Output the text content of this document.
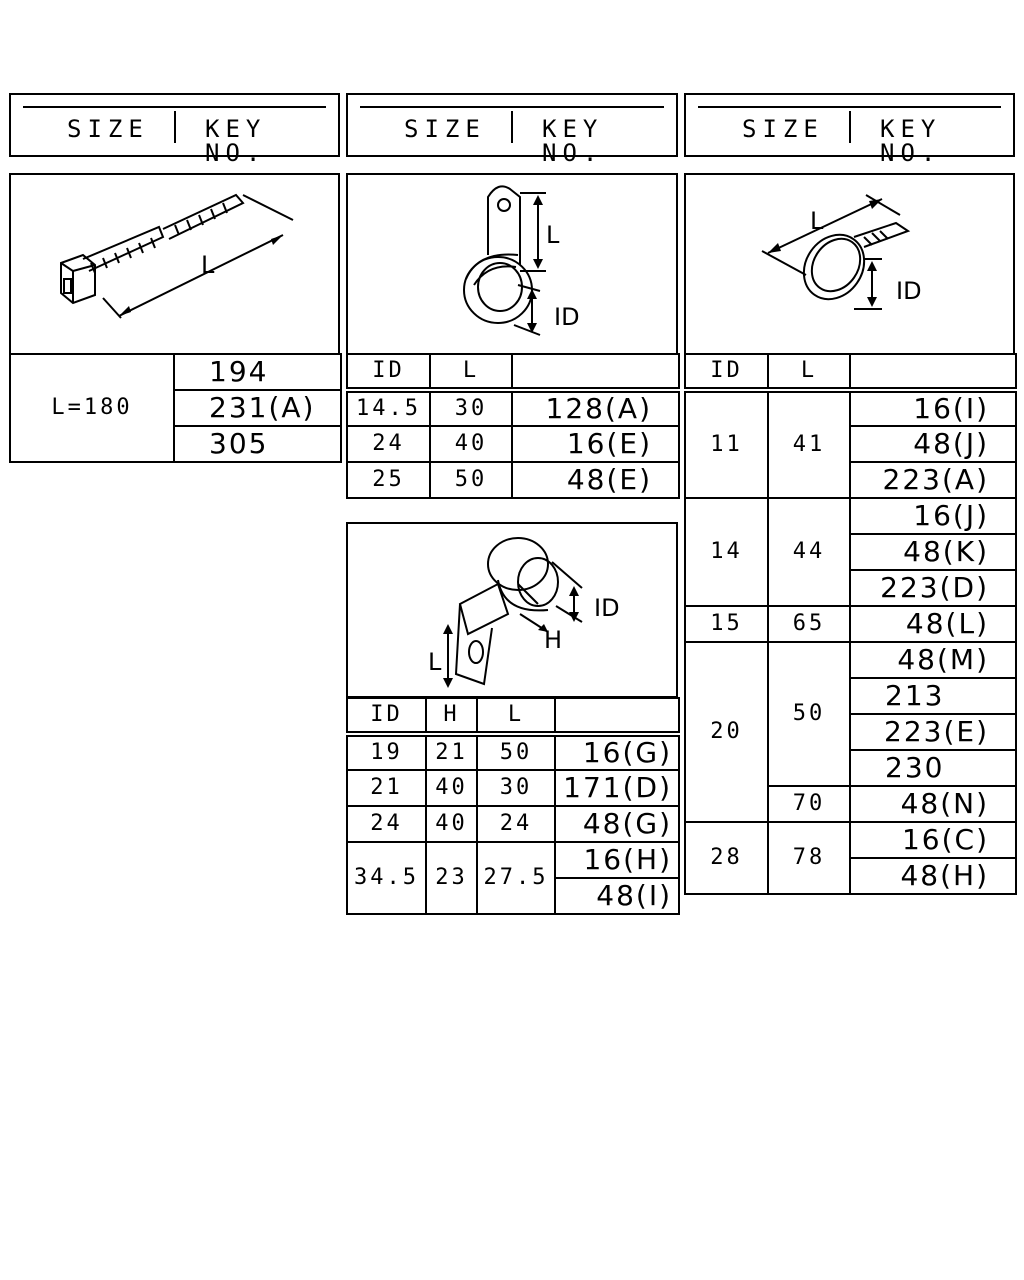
SIZE KEY NO.
SIZE KEY NO.
SIZE KEY NO.
L
L=180	194
231(A)
305
L
ID
ID	L	
14.5	30	128(A)
24	40	16(E)
25	50	48(E)
ID
H
L
ID	H	L	
19	21	50	16(G)
21	40	30	171(D)
24	40	24	48(G)
34.5	23	27.5	16(H)
			48(I)
L
ID
ID	L	
11	41	16(I)
		48(J)
		223(A)
14	44	16(J)
		48(K)
		223(D)
15	65	48(L)
20	50	48(M)
		213
		223(E)
		230
	70	48(N)
28	78	16(C)
		48(H)
